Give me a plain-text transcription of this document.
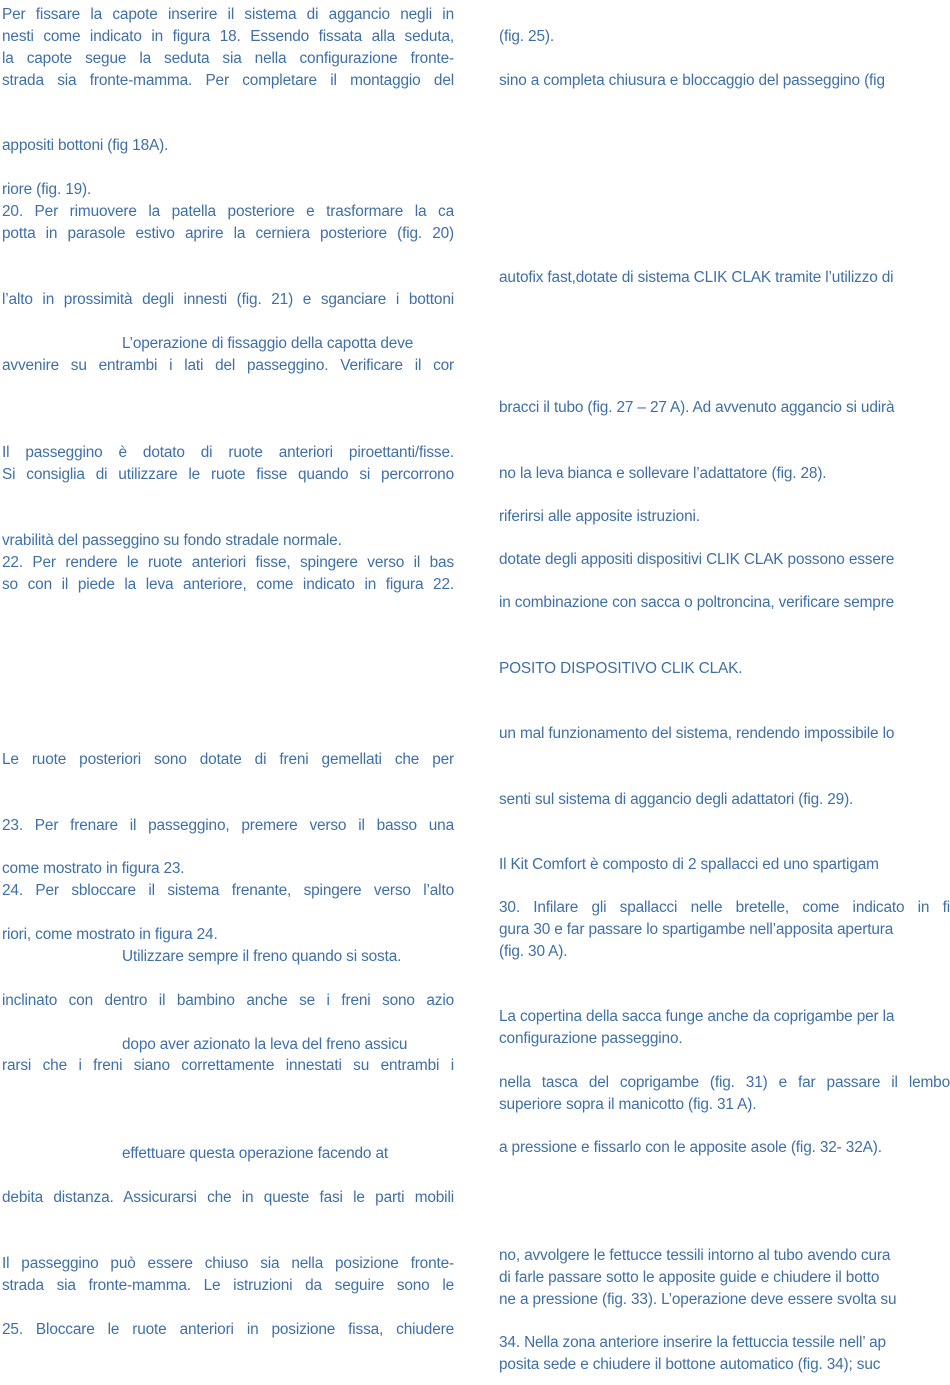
Per fissare la capote inserire il sistema di aggancio negli in
nesti come indicato in figura 18. Essendo fissata alla seduta,
la capote segue la seduta sia nella configurazione fronte-
strada sia fronte-mamma. Per completare il montaggio del
appositi bottoni (fig 18A).
riore (fig. 19).
20. Per rimuovere la patella posteriore e trasformare la ca
potta in parasole estivo aprire la cerniera posteriore (fig. 20)
l’alto in prossimità degli innesti (fig. 21) e sganciare i bottoni
L’operazione di fissaggio della capotta deve
avvenire su entrambi i lati del passeggino. Verificare il cor
Il passeggino è dotato di ruote anteriori piroettanti/fisse.
Si consiglia di utilizzare le ruote fisse quando si percorrono
vrabilità del passeggino su fondo stradale normale.
22. Per rendere le ruote anteriori fisse, spingere verso il bas
so con il piede la leva anteriore, come indicato in figura 22.
Le ruote posteriori sono dotate di freni gemellati che per
23. Per frenare il passeggino, premere verso il basso una
come mostrato in figura 23.
24. Per sbloccare il sistema frenante, spingere verso l’alto
riori, come mostrato in figura 24.
Utilizzare sempre il freno quando si sosta.
inclinato con dentro il bambino anche se i freni sono azio
dopo aver azionato la leva del freno assicu
rarsi che i freni siano correttamente innestati su entrambi i
effettuare questa operazione facendo at
debita distanza. Assicurarsi che in queste fasi le parti mobili
Il passeggino può essere chiuso sia nella posizione fronte-
strada sia fronte-mamma. Le istruzioni da seguire sono le
25. Bloccare le ruote anteriori in posizione fissa, chiudere
(fig. 25).
sino a completa chiusura e bloccaggio del passeggino (fig
autofix fast,dotate di sistema CLIK CLAK tramite l’utilizzo di
bracci il tubo (fig. 27 – 27 A). Ad avvenuto aggancio si udirà
no la leva bianca e sollevare l’adattatore (fig. 28).
riferirsi alle apposite istruzioni.
dotate degli appositi dispositivi CLIK CLAK possono essere
in combinazione con sacca o poltroncina, verificare sempre
POSITO DISPOSITIVO CLIK CLAK.
un mal funzionamento del sistema, rendendo impossibile lo
senti sul sistema di aggancio degli adattatori (fig. 29).
Il Kit Comfort è composto di 2 spallacci ed uno spartigam
30. Infilare gli spallacci nelle bretelle, come indicato in fi
gura 30 e far passare lo spartigambe nell’apposita apertura
(fig. 30 A).
La copertina della sacca funge anche da coprigambe per la
configurazione passeggino.
nella tasca del coprigambe (fig. 31) e far passare il lembo
superiore sopra il manicotto (fig. 31 A).
a pressione e fissarlo con le apposite asole (fig. 32- 32A).
no, avvolgere le fettucce tessili intorno al tubo avendo cura
di farle passare sotto le apposite guide e chiudere il botto
ne a pressione (fig. 33). L’operazione deve essere svolta su
34. Nella zona anteriore inserire la fettuccia tessile nell’ ap
posita sede e chiudere il bottone automatico (fig. 34); suc
